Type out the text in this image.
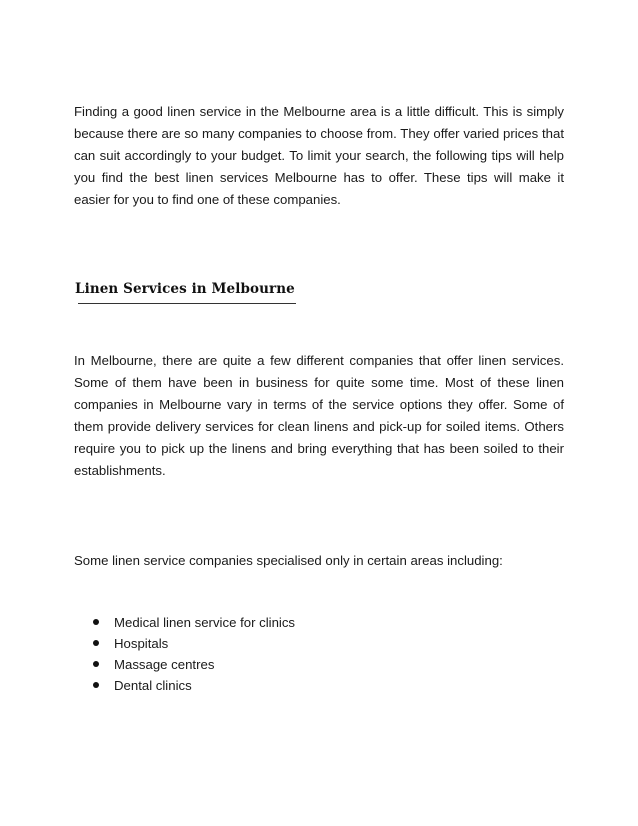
Finding a good linen service in the Melbourne area is a little difficult. This is simply because there are so many companies to choose from. They offer varied prices that can suit accordingly to your budget. To limit your search, the following tips will help you find the best linen services Melbourne has to offer. These tips will make it easier for you to find one of these companies.

Linen Services in Melbourne

In Melbourne, there are quite a few different companies that offer linen services. Some of them have been in business for quite some time. Most of these linen companies in Melbourne vary in terms of the service options they offer. Some of them provide delivery services for clean linens and pick-up for soiled items. Others require you to pick up the linens and bring everything that has been soiled to their establishments.

Some linen service companies specialised only in certain areas including:

Medical linen service for clinics
Hospitals
Massage centres
Dental clinics
